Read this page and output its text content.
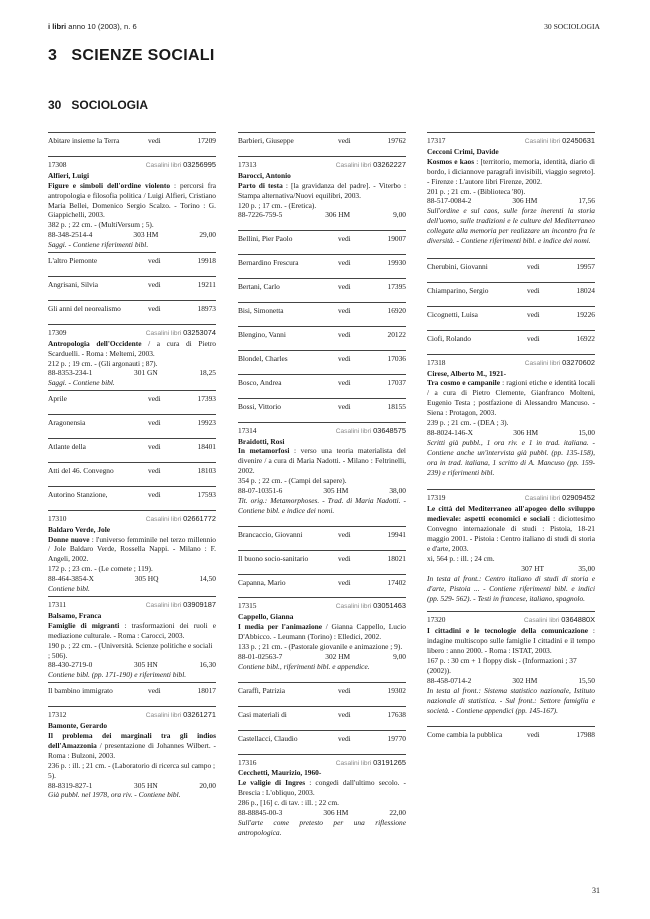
i libri anno 10 (2003), n. 6	30 SOCIOLOGIA
3   SCIENZE SOCIALI
30   SOCIOLOGIA
Abitare insieme la Terra	vedi	17209
17308	Casalini libri 03256995
Alfieri, Luigi
Figure e simboli dell'ordine violento : percorsi fra antropologia e filosofia politica / Luigi Alfieri, Cristiano Maria Bellei, Domenico Sergio Scalzo. - Torino : G. Giappichelli, 2003.
382 p. ; 22 cm. - (MultiVersum ; 5).
88-348-2514-4	303 HM	29,00
Saggi. - Contiene riferimenti bibl.
L'altro Piemonte	vedi	19918
Angrisani, Silvia	vedi	19211
Gli anni del neorealismo	vedi	18973
17309	Casalini libri 03253074
Antropologia dell'Occidente / a cura di Pietro Scarduelli. - Roma : Meltemi, 2003.
212 p. ; 19 cm. - (Gli argonauti ; 87).
88-8353-234-1	301 GN	18,25
Saggi. - Contiene bibl.
Aprile	vedi	17393
Aragonensia	vedi	19923
Atlante della	vedi	18401
Atti del 46. Convegno	vedi	18103
Autorino Stanzione,	vedi	17593
17310	Casalini libri 02661772
Baldaro Verde, Jole
Donne nuove : l'universo femminile nel terzo millennio / Jole Baldaro Verde, Rossella Nappi. - Milano : F. Angeli, 2002.
172 p. ; 23 cm. - (Le comete ; 119).
88-464-3854-X	305 HQ	14,50
Contiene bibl.
17311	Casalini libri 03909187
Balsamo, Franca
Famiglie di migranti : trasformazioni dei ruoli e mediazione culturale. - Roma : Carocci, 2003.
190 p. ; 22 cm. - (Università. Scienze politiche e sociali ; 506).
88-430-2719-0	305 HN	16,30
Contiene bibl. (pp. 171-190) e riferimenti bibl.
Il bambino immigrato	vedi	18017
17312	Casalini libri 03261271
Bamonte, Gerardo
Il problema dei marginali tra gli indios dell'Amazzonia / presentazione di Johannes Wilbert. - Roma : Bulzoni, 2003.
236 p. : ill. ; 21 cm. - (Laboratorio di ricerca sul campo ; 5).
88-8319-827-1	305 HN	20,00
Già pubbl. nel 1978, ora riv. - Contiene bibl.
Barbieri, Giuseppe	vedi	19762
17313	Casalini libri 03262227
Barocci, Antonio
Parto di testa : [la gravidanza del padre]. - Viterbo : Stampa alternativa/Nuovi equilibri, 2003.
120 p. ; 17 cm. - (Eretica).
88-7226-759-5	306 HM	9,00
Bellini, Pier Paolo	vedi	19007
Bernardino Frescura	vedi	19930
Bertani, Carlo	vedi	17395
Bisi, Simonetta	vedi	16920
Blengino, Vanni	vedi	20122
Blondel, Charles	vedi	17036
Bosco, Andrea	vedi	17037
Bossi, Vittorio	vedi	18155
17314	Casalini libri 03648575
Braidotti, Rosi
In metamorfosi : verso una teoria materialista del divenire / a cura di Maria Nadotti. - Milano : Feltrinelli, 2002.
354 p. ; 22 cm. - (Campi del sapere).
88-07-10351-6	305 HM	38,00
Tit. orig.: Metamorphoses. - Trad. di Maria Nadotti. - Contiene bibl. e indice dei nomi.
Brancaccio, Giovanni	vedi	19941
Il buono socio-sanitario	vedi	18021
Capanna, Mario	vedi	17402
17315	Casalini libri 03051463
Cappello, Gianna
I media per l'animazione / Gianna Cappello, Lucio D'Abbicco. - Leumann (Torino) : Elledici, 2002.
133 p. ; 21 cm. - (Pastorale giovanile e animazione ; 9).
88-01-02563-7	302 HM	9,00
Contiene bibl., riferimenti bibl. e appendice.
Caraffi, Patrizia	vedi	19302
Casi materiali di	vedi	17638
Castellacci, Claudio	vedi	19770
17316	Casalini libri 03191265
Cecchetti, Maurizio, 1960-
Le valigie di Ingres : congedi dall'ultimo secolo. - Brescia : L'obliquo, 2003.
286 p., [16] c. di tav. : ill. ; 22 cm.
88-88845-00-3	306 HM	22,00
Sull'arte come pretesto per una riflessione antropologica.
17317	Casalini libri 02450631
Cecconi Crimi, Davide
Kosmos e kaos : [territorio, memoria, identità, diario di bordo, i diciannove paragrafi invisibili, viaggio segreto]. - Firenze : L'autore libri Firenze, 2002.
201 p. ; 21 cm. - (Biblioteca '80).
88-517-0084-2	306 HM	17,56
Sull'ordine e sul caos, sulle forze inerenti la storia dell'uomo, sulle tradizioni e le culture del Mediterraneo collegate alla memoria per realizzare un incontro fra le diversità. - Contiene riferimenti bibl. e indice dei nomi.
Cherubini, Giovanni	vedi	19957
Chiamparino, Sergio	vedi	18024
Cicognetti, Luisa	vedi	19226
Ciofi, Rolando	vedi	16922
17318	Casalini libri 03270602
Cirese, Alberto M., 1921-
Tra cosmo e campanile : ragioni etiche e identità locali / a cura di Pietro Clemente, Gianfranco Molteni, Eugenio Testa ; postfazione di Alessandro Mancuso. - Siena : Protagon, 2003.
239 p. ; 21 cm. - (DEA ; 3).
88-8024-146-X	306 HM	15,00
Scritti già pubbl., 1 ora riv. e 1 in trad. italiana. - Contiene anche un'intervista già pubbl. (pp. 135-158), ora in trad. italiana, 1 scritto di A. Mancuso (pp. 159- 239) e riferimenti bibl.
17319	Casalini libri 02909452
Le città del Mediterraneo all'apogeo dello sviluppo medievale: aspetti economici e sociali : diciottesimo Convegno internazionale di studi : Pistoia, 18-21 maggio 2001. - Pistoia : Centro italiano di studi di storia e d'arte, 2003.
xi, 564 p. : ill. ; 24 cm.
307 HT	35,00
In testa al front.: Centro italiano di studi di storia e d'arte, Pistoia ... - Contiene riferimenti bibl. e indici (pp. 529- 562). - Testi in francese, italiano, spagnolo.
17320	Casalini libri 0364880X
I cittadini e le tecnologie della comunicazione : indagine multiscopo sulle famiglie I cittadini e il tempo libero : anno 2000. - Roma : ISTAT, 2003.
167 p. : 30 cm + 1 floppy disk - (Informazioni ; 37 (2002)).
88-458-0714-2	302 HM	15,50
In testa al front.: Sistema statistico nazionale, Istituto nazionale di statistica. - Sul front.: Settore famiglia e società. - Contiene appendici (pp. 145-167).
Come cambia la pubblica	vedi	17988
31
